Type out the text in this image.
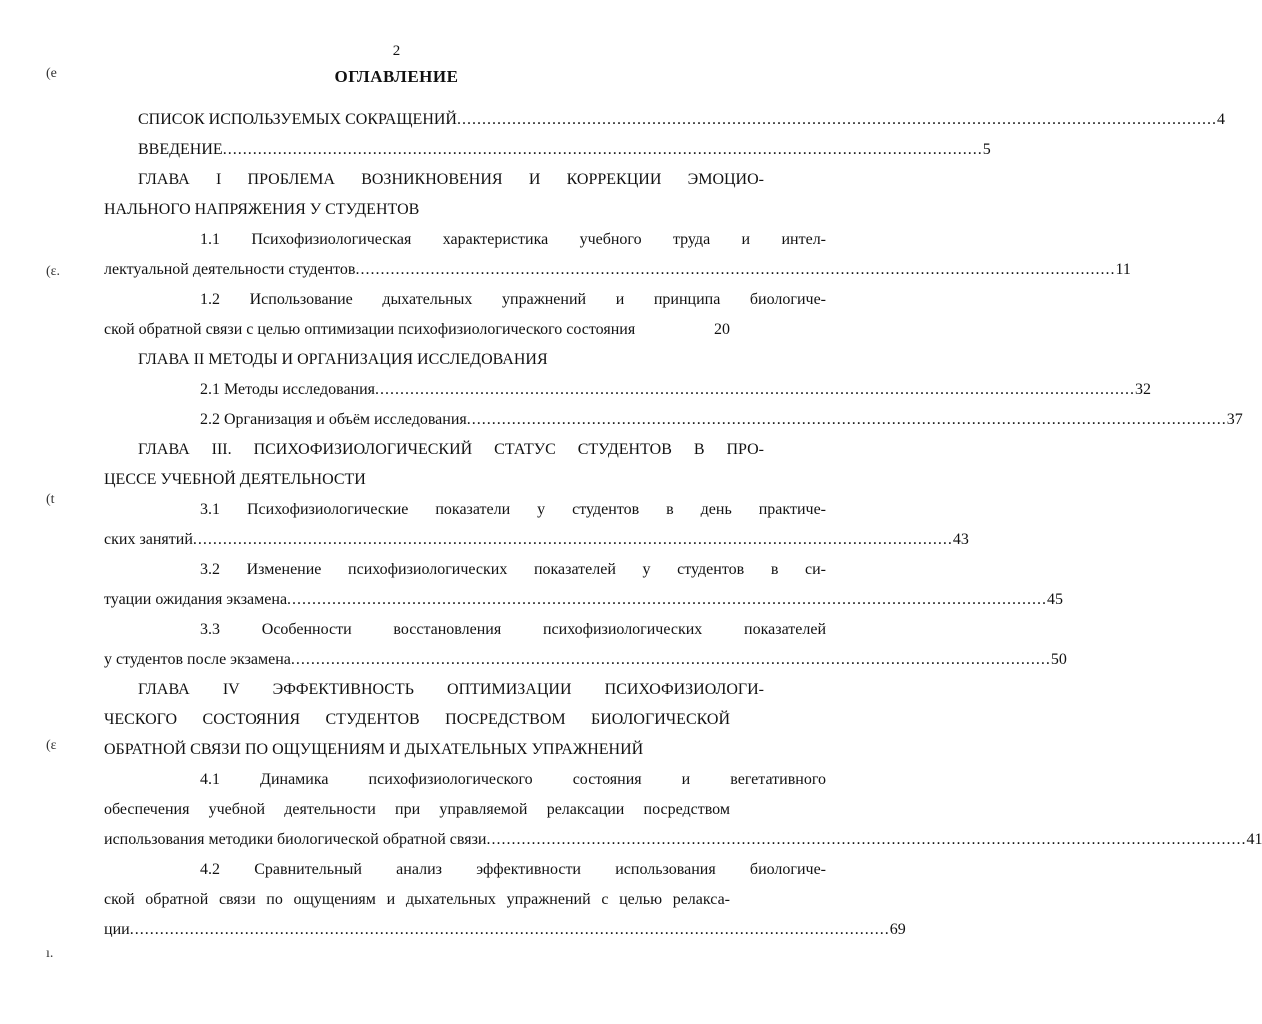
2
ОГЛАВЛЕНИЕ
(e
(ɛ.
(t
(ɛ
ı.
СПИСОК ИСПОЛЬЗУЕМЫХ СОКРАЩЕНИЙ .....	4
ВВЕДЕНИЕ .....	5
ГЛАВА I ПРОБЛЕМА ВОЗНИКНОВЕНИЯ И КОРРЕКЦИИ ЭМОЦИО-
НАЛЬНОГО НАПРЯЖЕНИЯ У СТУДЕНТОВ
1.1 Психофизиологическая характеристика учебного труда и интел-
лектуальной деятельности студентов .....	11
1.2 Использование дыхательных упражнений и принципа биологиче-
ской обратной связи с целью оптимизации психофизиологического состояния	20
ГЛАВА II МЕТОДЫ И ОРГАНИЗАЦИЯ ИССЛЕДОВАНИЯ
2.1 Методы исследования .....	32
2.2 Организация и объём исследования .....	37
ГЛАВА III. ПСИХОФИЗИОЛОГИЧЕСКИЙ СТАТУС СТУДЕНТОВ В ПРО-
ЦЕССЕ УЧЕБНОЙ ДЕЯТЕЛЬНОСТИ
3.1 Психофизиологические показатели у студентов в день практиче-
ских занятий .....	43
3.2 Изменение психофизиологических показателей у студентов в си-
туации ожидания экзамена .....	45
3.3 Особенности восстановления психофизиологических показателей
у студентов после экзамена .....	50
ГЛАВА IV ЭФФЕКТИВНОСТЬ ОПТИМИЗАЦИИ ПСИХОФИЗИОЛОГИ-
ЧЕСКОГО СОСТОЯНИЯ СТУДЕНТОВ ПОСРЕДСТВОМ БИОЛОГИЧЕСКОЙ
ОБРАТНОЙ СВЯЗИ ПО ОЩУЩЕНИЯМ И ДЫХАТЕЛЬНЫХ УПРАЖНЕНИЙ
4.1 Динамика психофизиологического состояния и вегетативного
обеспечения учебной деятельности при управляемой релаксации посредством
использования методики биологической обратной связи .....	41
4.2 Сравнительный анализ эффективности использования биологиче-
ской обратной связи по ощущениям и дыхательных упражнений с целью релакса-
ции .....	69
